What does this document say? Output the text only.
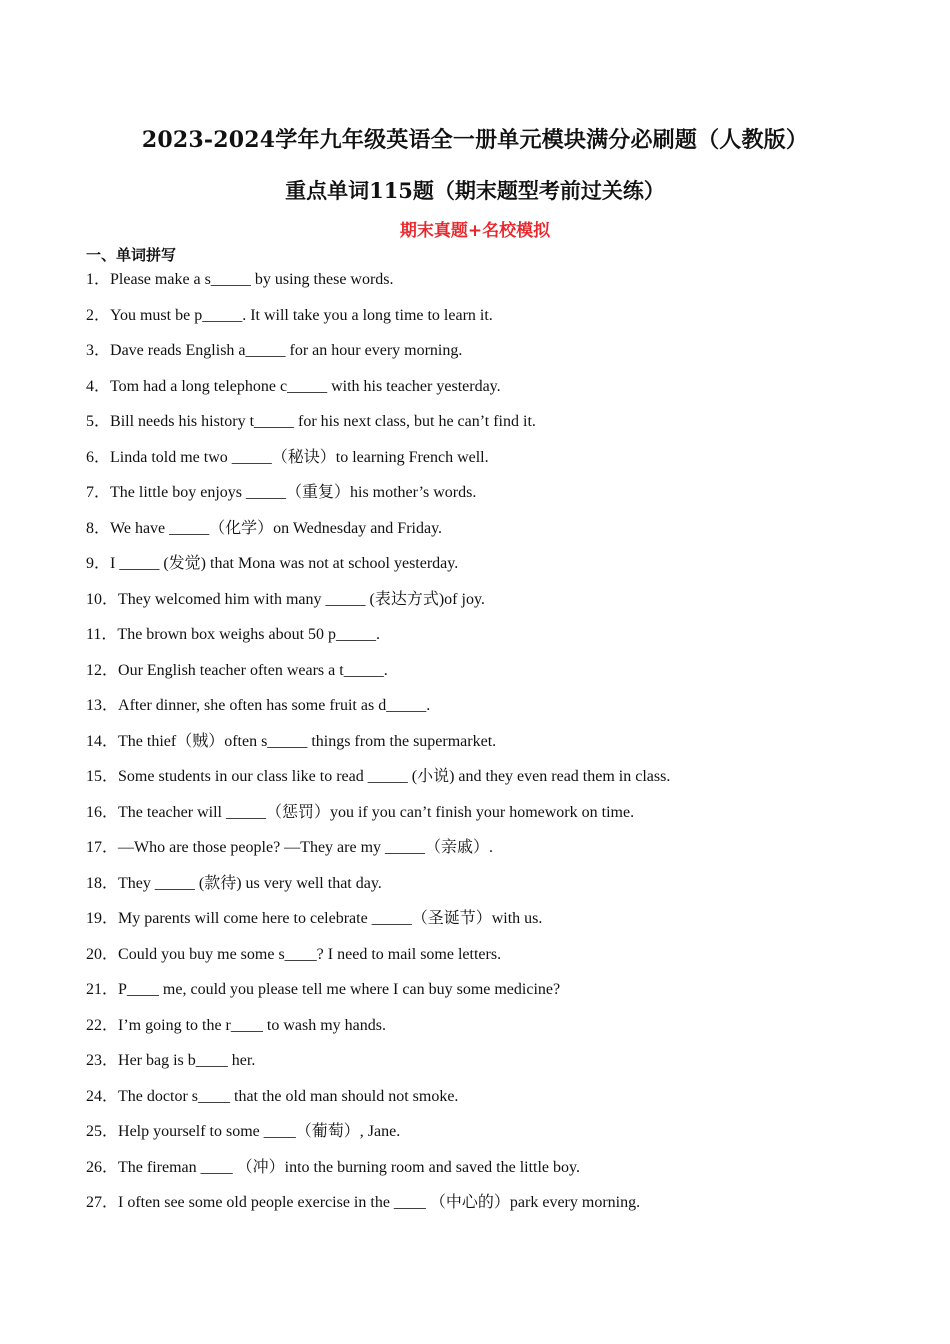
2023-2024学年九年级英语全一册单元模块满分必刷题（人教版）
重点单词115题（期末题型考前过关练）
期末真题+名校模拟
一、单词拼写
1．Please make a s_____ by using these words.
2．You must be p_____. It will take you a long time to learn it.
3．Dave reads English a_____ for an hour every morning.
4．Tom had a long telephone c_____ with his teacher yesterday.
5．Bill needs his history t_____ for his next class, but he can’t find it.
6．Linda told me two _____（秘诀）to learning French well.
7．The little boy enjoys _____（重复）his mother’s words.
8．We have _____（化学）on Wednesday and Friday.
9．I _____ (发觉) that Mona was not at school yesterday.
10．They welcomed him with many _____ (表达方式)of joy.
11．The brown box weighs about 50 p_____.
12．Our English teacher often wears a t_____.
13．After dinner, she often has some fruit as d_____.
14．The thief（贼）often s_____ things from the supermarket.
15．Some students in our class like to read _____ (小说) and they even read them in class.
16．The teacher will _____（惩罚）you if you can’t finish your homework on time.
17．—Who are those people? —They are my _____（亲戚）.
18．They _____ (款待) us very well that day.
19．My parents will come here to celebrate _____（圣诞节）with us.
20．Could you buy me some s____? I need to mail some letters.
21．P____ me, could you please tell me where I can buy some medicine?
22．I’m going to the r____ to wash my hands.
23．Her bag is b____ her.
24．The doctor s____ that the old man should not smoke.
25．Help yourself to some ____（葡萄）, Jane.
26．The fireman ____ （冲）into the burning room and saved the little boy.
27．I often see some old people exercise in the ____ （中心的）park every morning.
